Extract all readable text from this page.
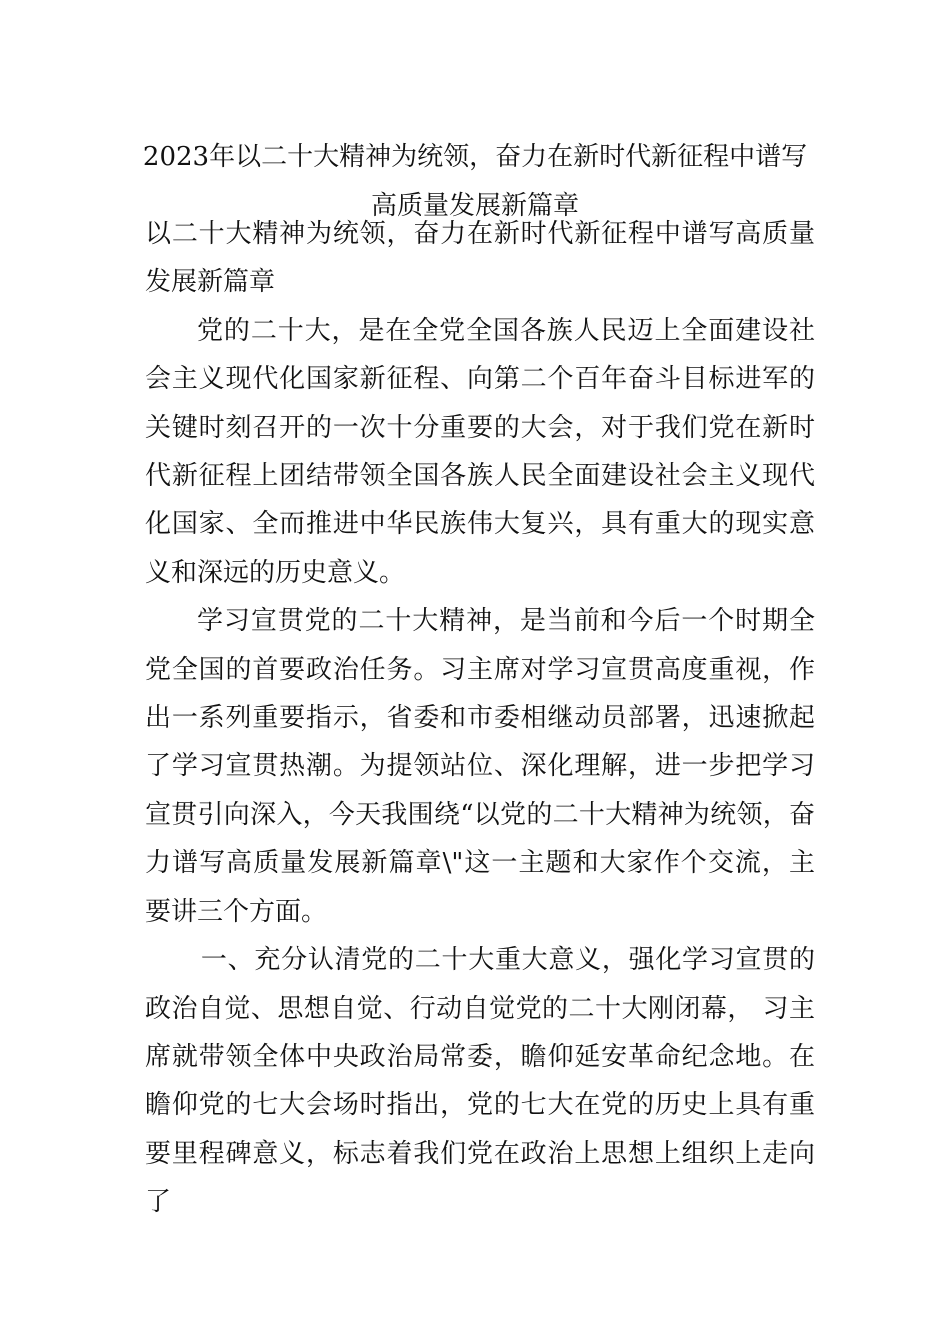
2023年以二十大精神为统领，奋力在新时代新征程中谱写
高质量发展新篇章

以二十大精神为统领，奋力在新时代新征程中谱写高质量发展新篇章

党的二十大，是在全党全国各族人民迈上全面建设社会主义现代化国家新征程、向第二个百年奋斗目标进军的关键时刻召开的一次十分重要的大会，对于我们党在新时代新征程上团结带领全国各族人民全面建设社会主义现代化国家、全而推进中华民族伟大复兴，具有重大的现实意义和深远的历史意义。

学习宣贯党的二十大精神，是当前和今后一个时期全党全国的首要政治任务。习主席对学习宣贯高度重视，作出一系列重要指示，省委和市委相继动员部署，迅速掀起了学习宣贯热潮。为提领站位、深化理解，进一步把学习宣贯引向深入，今天我围绕“以党的二十大精神为统领，奋力谱写高质量发展新篇章\"这一主题和大家作个交流，主要讲三个方面。

一、充分认清党的二十大重大意义，强化学习宣贯的政治自觉、思想自觉、行动自觉党的二十大刚闭幕， 习主席就带领全体中央政治局常委，瞻仰延安革命纪念地。在瞻仰党的七大会场时指出，党的七大在党的历史上具有重要里程碑意义，标志着我们党在政治上思想上组织上走向了
